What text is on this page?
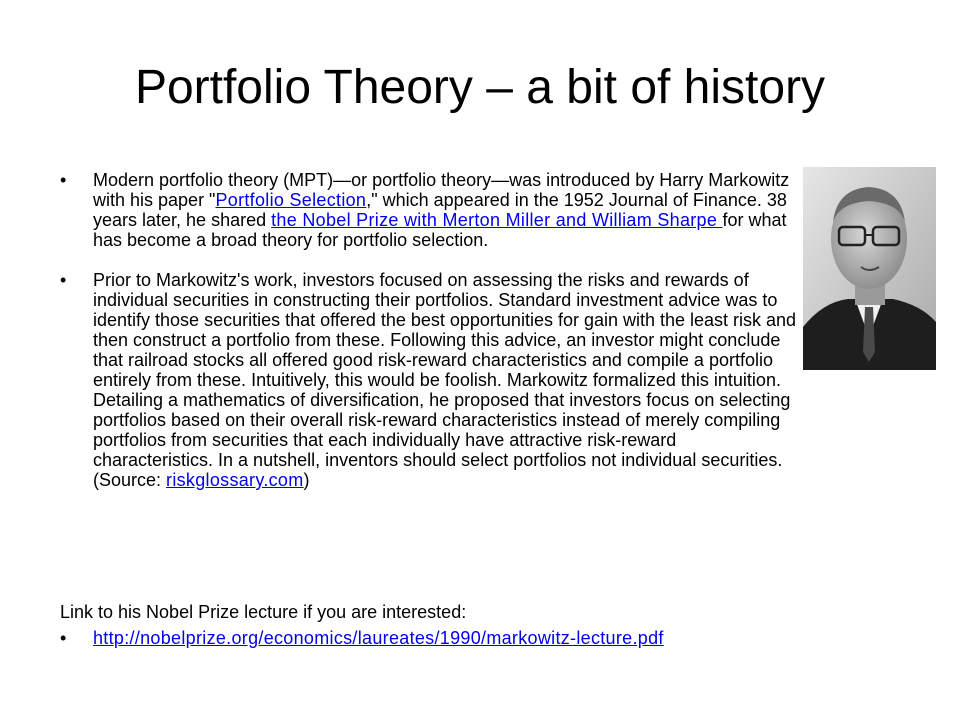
Portfolio Theory – a bit of history
• Modern portfolio theory (MPT)—or portfolio theory—was introduced by Harry Markowitz with his paper "Portfolio Selection," which appeared in the 1952 Journal of Finance. 38 years later, he shared the Nobel Prize with Merton Miller and William Sharpe for what has become a broad theory for portfolio selection.
• Prior to Markowitz's work, investors focused on assessing the risks and rewards of individual securities in constructing their portfolios. Standard investment advice was to identify those securities that offered the best opportunities for gain with the least risk and then construct a portfolio from these. Following this advice, an investor might conclude that railroad stocks all offered good risk-reward characteristics and compile a portfolio entirely from these. Intuitively, this would be foolish. Markowitz formalized this intuition. Detailing a mathematics of diversification, he proposed that investors focus on selecting portfolios based on their overall risk-reward characteristics instead of merely compiling portfolios from securities that each individually have attractive risk-reward characteristics. In a nutshell, inventors should select portfolios not individual securities. (Source: riskglossary.com)
Link to his Nobel Prize lecture if you are interested:
• http://nobelprize.org/economics/laureates/1990/markowitz-lecture.pdf
